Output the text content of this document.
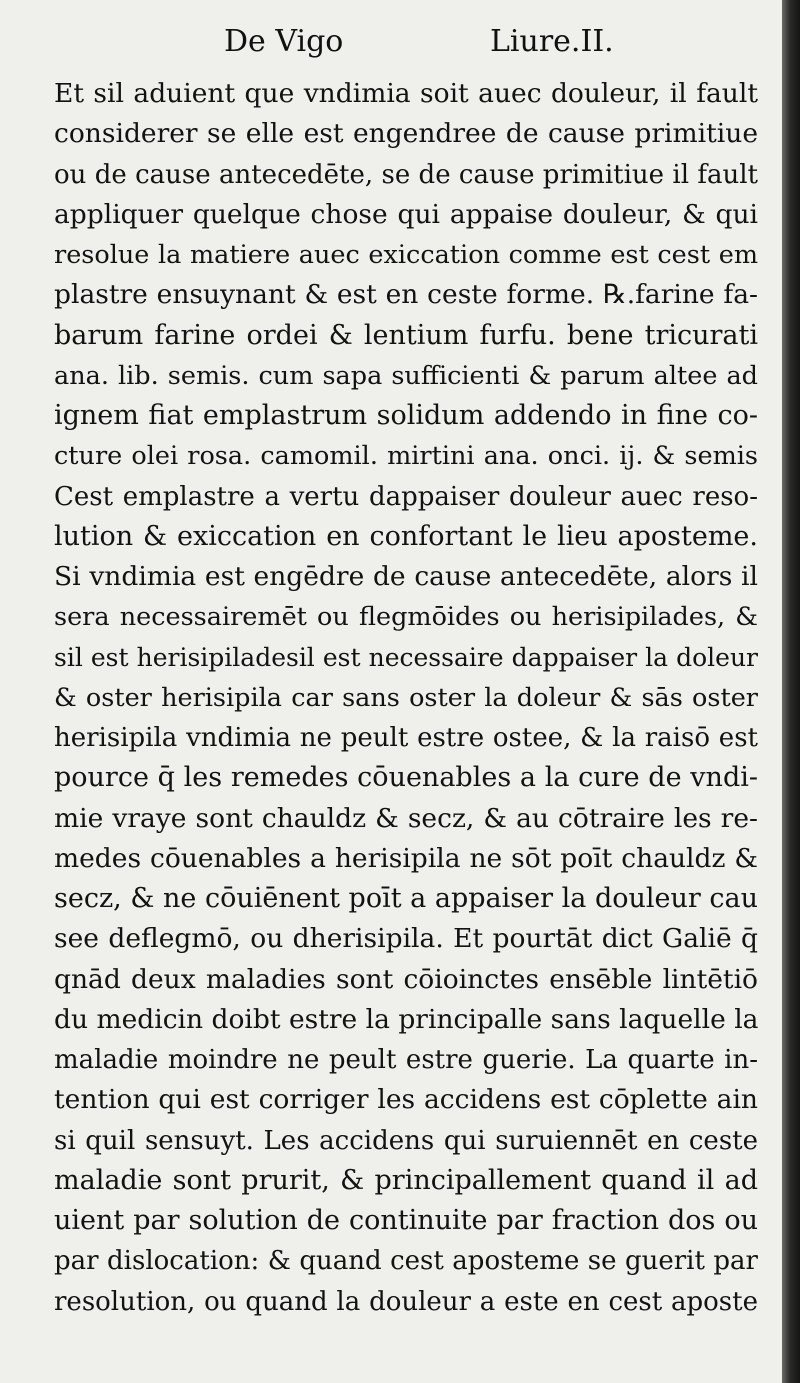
De Vigo	Liure.II.
Et sil aduient que vndimia soit auec douleur, il fault
considerer se elle est engendree de cause primitiue
ou de cause antecedēte, se de cause primitiue il fault
appliquer quelque chose qui appaise douleur, & qui
resolue la matiere auec exiccation comme est cest em
plastre ensuynant & est en ceste forme. ℞.farine fa-
barum farine ordei & lentium furfu. bene tricurati
ana. lib. semis. cum sapa sufficienti & parum altee ad
ignem fiat emplastrum solidum addendo in fine co-
cture olei rosa. camomil. mirtini ana. onci. ij. & semis
Cest emplastre a vertu dappaiser douleur auec reso-
lution & exiccation en confortant le lieu aposteme.
Si vndimia est engēdre de cause antecedēte, alors il
sera necessairemēt ou flegmōides ou herisipilades, &
sil est herisipiladesil est necessaire dappaiser la doleur
& oster herisipila car sans oster la doleur & sās oster
herisipila vndimia ne peult estre ostee, & la raisō est
pource q̄ les remedes cōuenables a la cure de vndi-
mie vraye sont chauldz & secz, & au cōtraire les re-
medes cōuenables a herisipila ne sōt poīt chauldz &
secz, & ne cōuiēnent poīt a appaiser la douleur cau
see deflegmō, ou dherisipila. Et pourtāt dict Galiē q̄
qnād deux maladies sont cōioinctes ensēble lintētiō
du medicin doibt estre la principalle sans laquelle la
maladie moindre ne peult estre guerie. La quarte in-
tention qui est corriger les accidens est cōplette ain
si quil sensuyt. Les accidens qui suruiennēt en ceste
maladie sont prurit, & principallement quand il ad
uient par solution de continuite par fraction dos ou
par dislocation: & quand cest aposteme se guerit par
resolution, ou quand la douleur a este en cest aposte
